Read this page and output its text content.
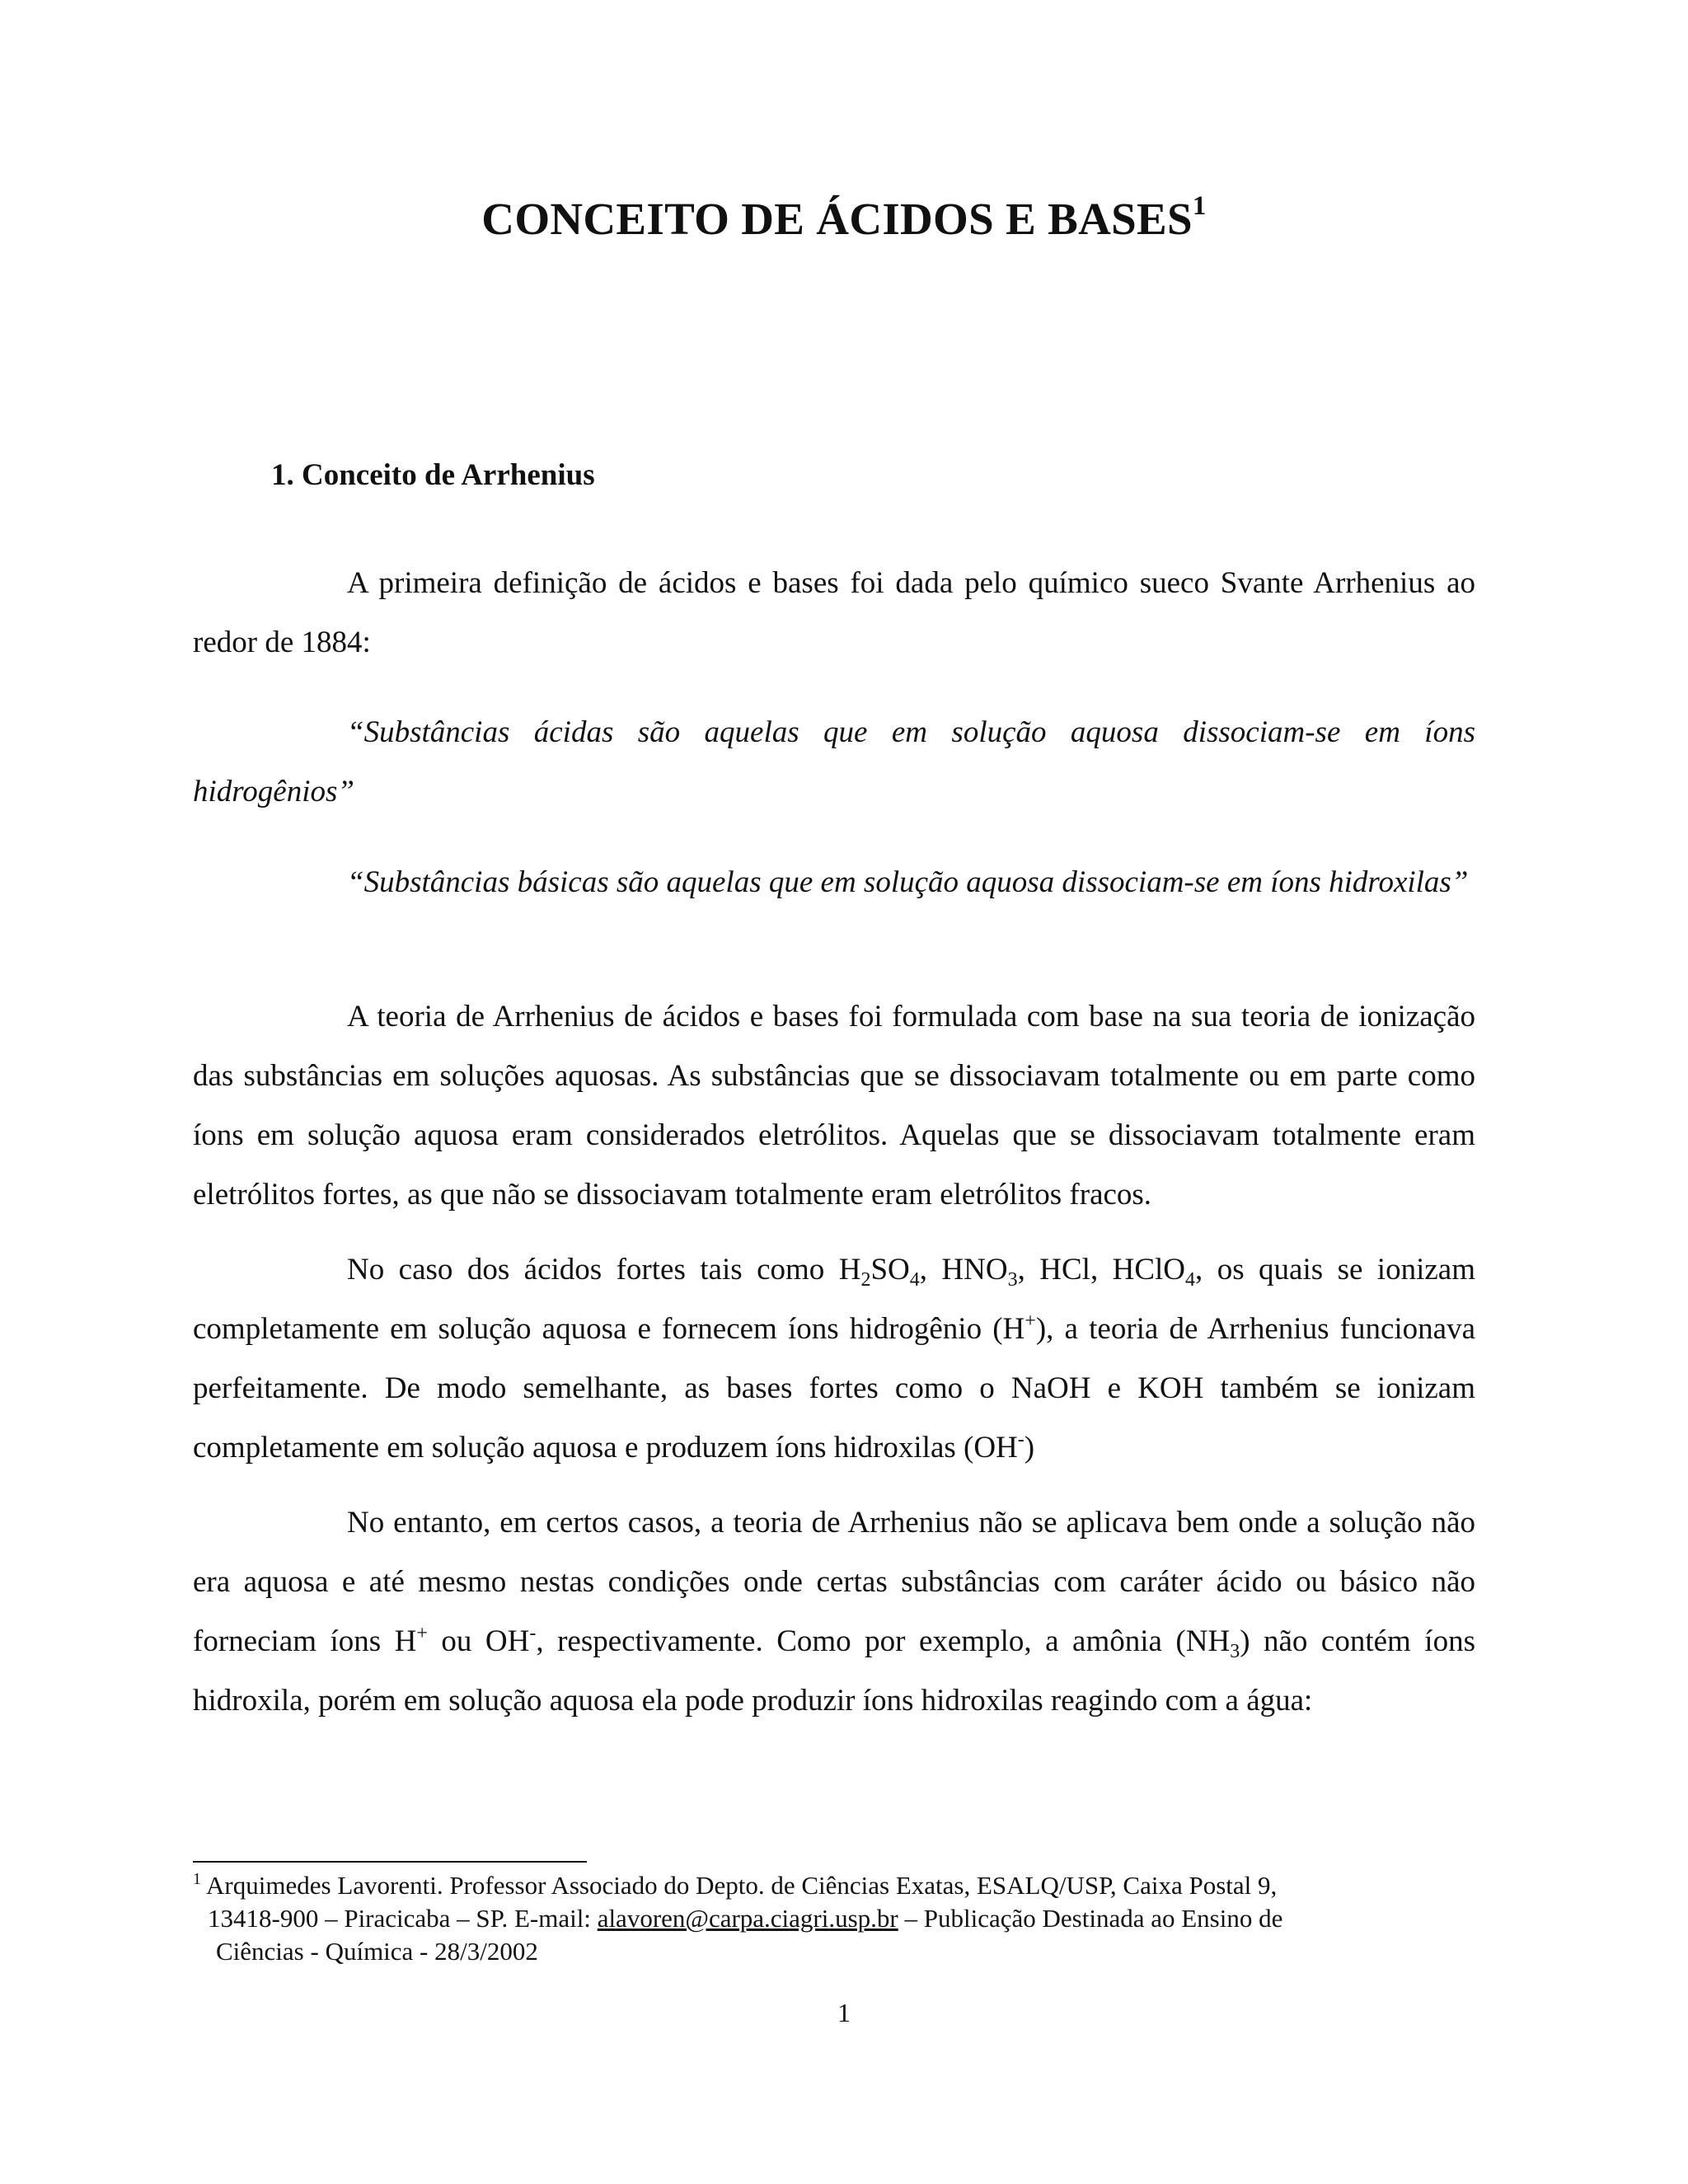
CONCEITO DE ÁCIDOS E BASES$^1$
1. Conceito de Arrhenius

A primeira definição de ácidos e bases foi dada pelo químico sueco Svante Arrhenius ao redor de 1884:

“Substâncias ácidas são aquelas que em solução aquosa dissociam-se em íons hidrogênios”

“Substâncias básicas são aquelas que em solução aquosa dissociam-se em íons hidroxilas”

A teoria de Arrhenius de ácidos e bases foi formulada com base na sua teoria de ionização das substâncias em soluções aquosas. As substâncias que se dissociavam totalmente ou em parte como íons em solução aquosa eram considerados eletrólitos. Aquelas que se dissociavam totalmente eram eletrólitos fortes, as que não se dissociavam totalmente eram eletrólitos fracos.

No caso dos ácidos fortes tais como $H_2SO_4$, $HNO_3$, HCl, HClO$_4$, os quais se ionizam completamente em solução aquosa e fornecem íons hidrogênio (H+), a teoria de Arrhenius funcionava perfeitamente. De modo semelhante, as bases fortes como o NaOH e KOH também se ionizam completamente em solução aquosa e produzem íons hidroxilas (OH-)

No entanto, em certos casos, a teoria de Arrhenius não se aplicava bem onde a solução não era aquosa e até mesmo nestas condições onde certas substâncias com caráter ácido ou básico não forneciam íons H+ ou OH-, respectivamente. Como por exemplo, a amônia $(NH_3)$ não contém íons hidroxila, porém em solução aquosa ela pode produzir íons hidroxilas reagindo com a água:

$^1$ Arquimedes Lavorenti. Professor Associado do Depto. de Ciências Exatas, ESALQ/USP, Caixa Postal 9,
13418-900 – Piracicaba – SP. E-mail: alavoren@carpa.ciagri.usp.br – Publicação Destinada ao Ensino de
Ciências - Química - 28/3/2002
1
